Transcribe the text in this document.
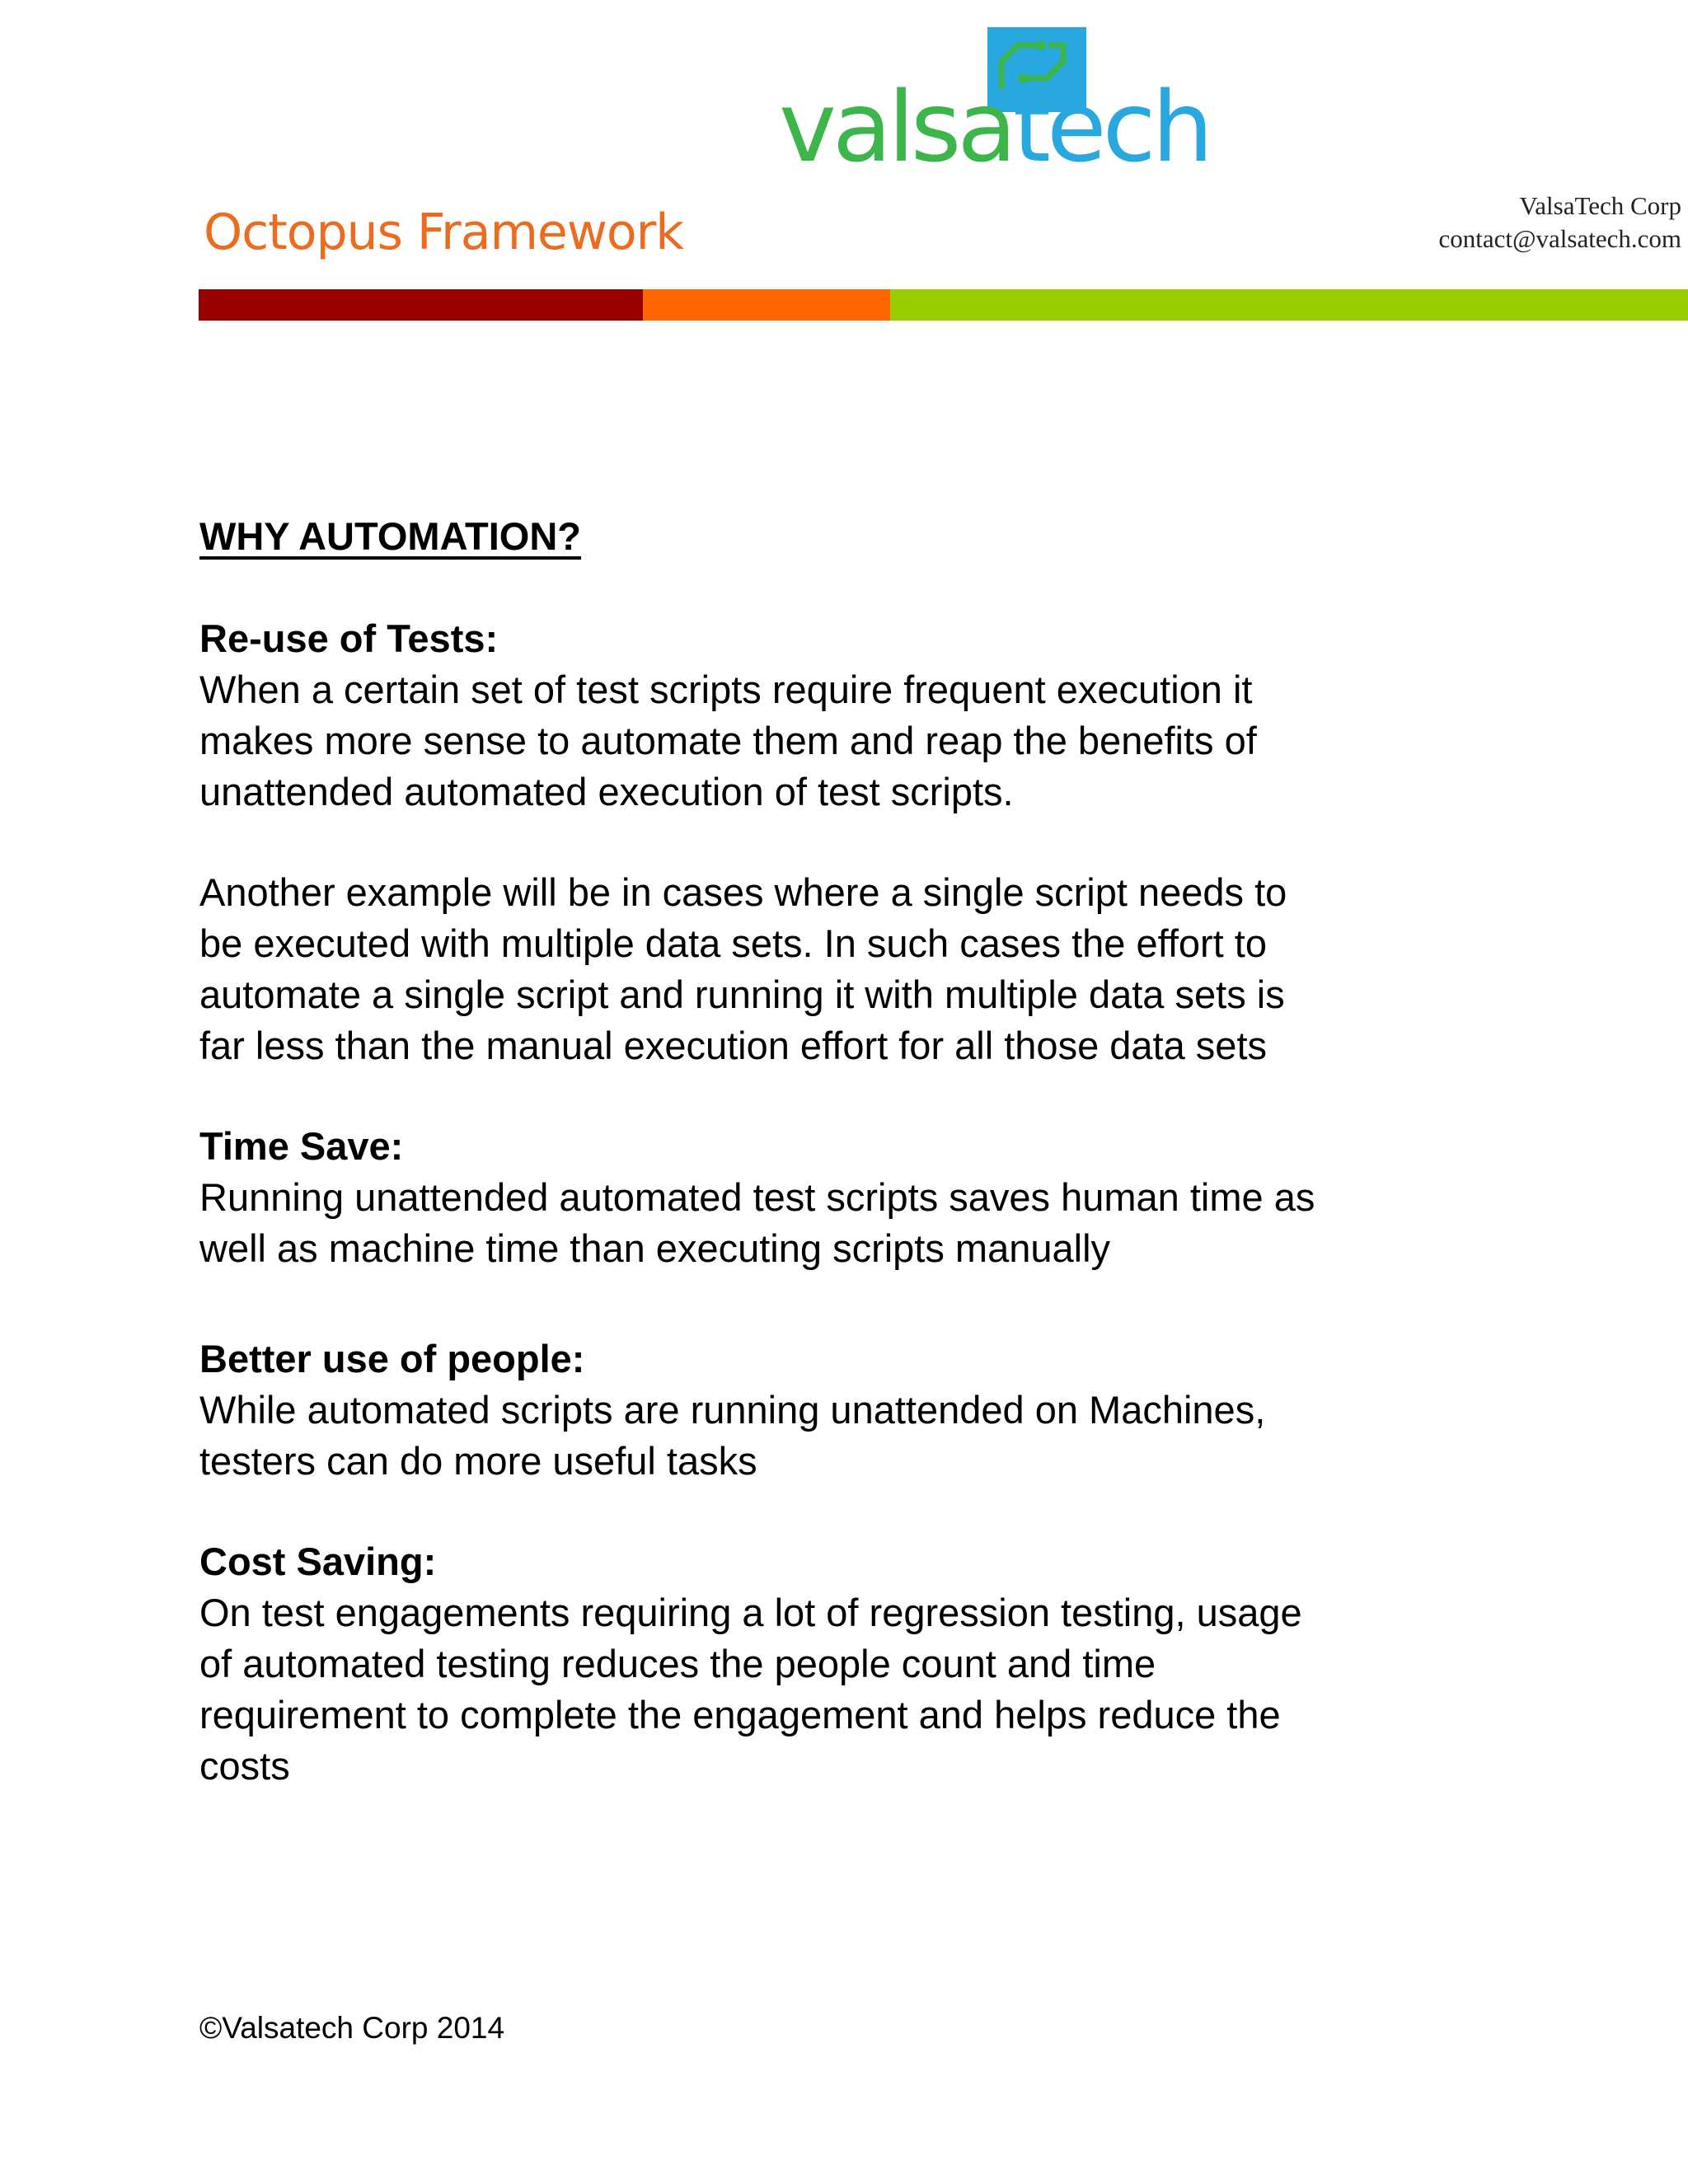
valsatech
Octopus Framework	ValsaTech Corp
contact@valsatech.com
WHY AUTOMATION?
Re-use of Tests:
When a certain set of test scripts require frequent execution it
makes more sense to automate them and reap the benefits of
unattended automated execution of test scripts.
Another example will be in cases where a single script needs to
be executed with multiple data sets. In such cases the effort to
automate a single script and running it with multiple data sets is
far less than the manual execution effort for all those data sets
Time Save:
Running unattended automated test scripts saves human time as
well as machine time than executing scripts manually
Better use of people:
While automated scripts are running unattended on Machines,
testers can do more useful tasks
Cost Saving:
On test engagements requiring a lot of regression testing, usage
of automated testing reduces the people count and time
requirement to complete the engagement and helps reduce the
costs
©Valsatech Corp 2014
